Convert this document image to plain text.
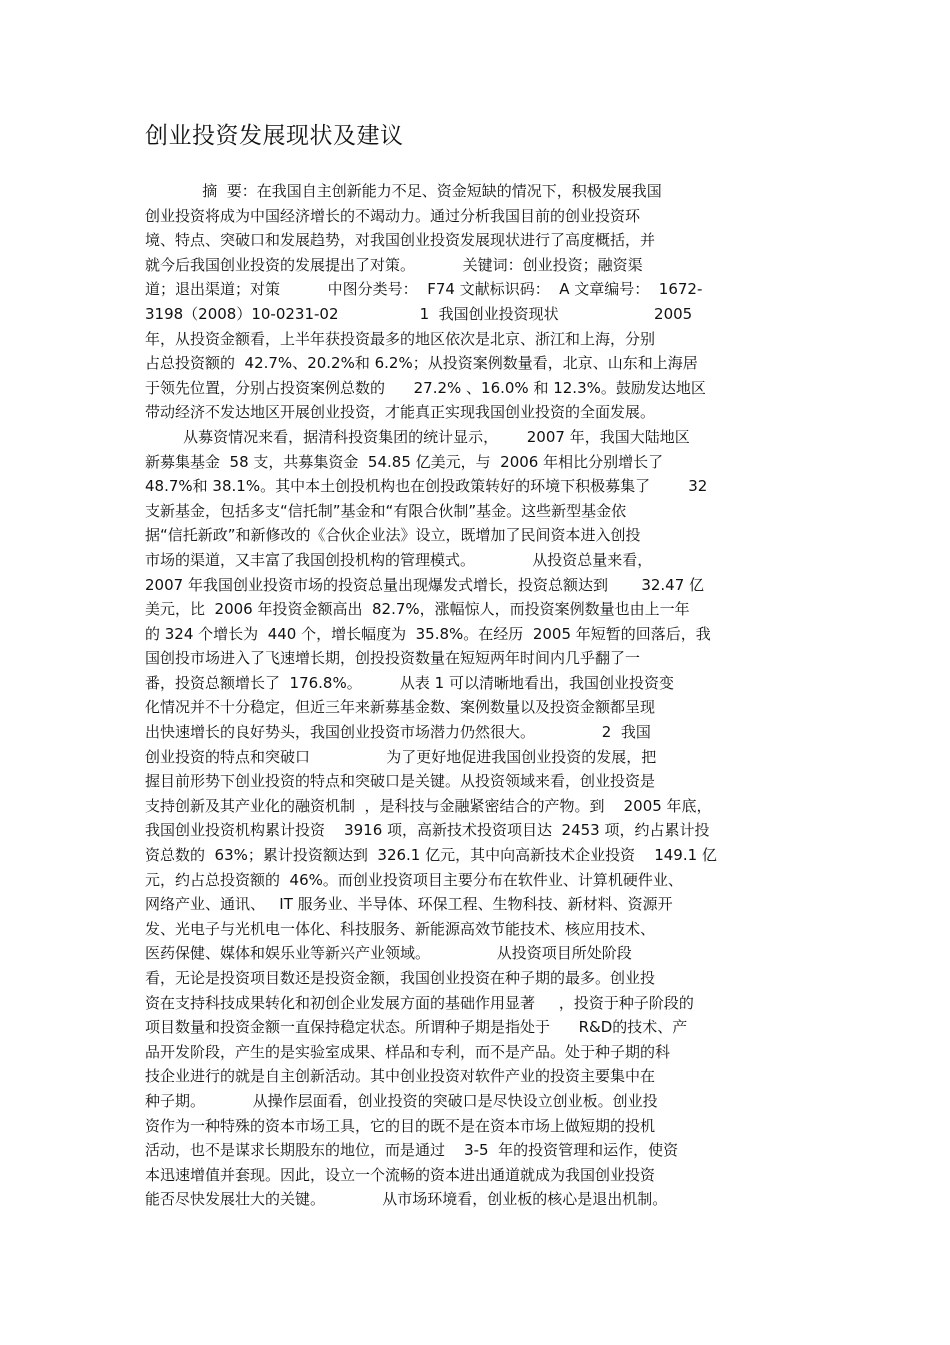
创业投资发展现状及建议
摘  要：在我国自主创新能力不足、资金短缺的情况下，积极发展我国
创业投资将成为中国经济增长的不竭动力。通过分析我国目前的创业投资环
境、特点、突破口和发展趋势，对我国创业投资发展现状进行了高度概括，并
就今后我国创业投资的发展提出了对策。          关键词：创业投资；融资渠
道；退出渠道；对策          中图分类号：  F74 文献标识码：  A 文章编号：  1672-
3198（2008）10-0231-02                 1  我国创业投资现状                    2005
年，从投资金额看，上半年获投资最多的地区依次是北京、浙江和上海，分别
占总投资额的  42.7%、20.2%和 6.2%；从投资案例数量看，北京、山东和上海居
于领先位置，分别占投资案例总数的      27.2% 、16.0% 和 12.3%。鼓励发达地区
带动经济不发达地区开展创业投资，才能真正实现我国创业投资的全面发展。
从募资情况来看，据清科投资集团的统计显示，      2007 年，我国大陆地区
新募集基金  58 支，共募集资金  54.85 亿美元，与  2006 年相比分别增长了
48.7%和 38.1%。其中本土创投机构也在创投政策转好的环境下积极募集了        32
支新基金，包括多支“信托制”基金和“有限合伙制”基金。这些新型基金依
据“信托新政”和新修改的《合伙企业法》设立，既增加了民间资本进入创投
市场的渠道，又丰富了我国创投机构的管理模式。            从投资总量来看，
2007 年我国创业投资市场的投资总量出现爆发式增长，投资总额达到       32.47 亿
美元，比  2006 年投资金额高出  82.7%，涨幅惊人，而投资案例数量也由上一年
的 324 个增长为  440 个，增长幅度为  35.8%。在经历  2005 年短暂的回落后，我
国创投市场进入了飞速增长期，创投投资数量在短短两年时间内几乎翻了一
番，投资总额增长了  176.8%。        从表 1 可以清晰地看出，我国创业投资变
化情况并不十分稳定，但近三年来新募基金数、案例数量以及投资金额都呈现
出快速增长的良好势头，我国创业投资市场潜力仍然很大。              2  我国
创业投资的特点和突破口                为了更好地促进我国创业投资的发展，把
握目前形势下创业投资的特点和突破口是关键。从投资领域来看，创业投资是
支持创新及其产业化的融资机制  ，是科技与金融紧密结合的产物。到    2005 年底，
我国创业投资机构累计投资    3916 项，高新技术投资项目达  2453 项，约占累计投
资总数的  63%；累计投资额达到  326.1 亿元，其中向高新技术企业投资    149.1 亿
元，约占总投资额的  46%。而创业投资项目主要分布在软件业、计算机硬件业、
网络产业、通讯、   IT 服务业、半导体、环保工程、生物科技、新材料、资源开
发、光电子与光机电一体化、科技服务、新能源高效节能技术、核应用技术、
医药保健、媒体和娱乐业等新兴产业领域。              从投资项目所处阶段
看，无论是投资项目数还是投资金额，我国创业投资在种子期的最多。创业投
资在支持科技成果转化和初创企业发展方面的基础作用显著     ，投资于种子阶段的
项目数量和投资金额一直保持稳定状态。所谓种子期是指处于      R&D的技术、产
品开发阶段，产生的是实验室成果、样品和专利，而不是产品。处于种子期的科
技企业进行的就是自主创新活动。其中创业投资对软件产业的投资主要集中在
种子期。          从操作层面看，创业投资的突破口是尽快设立创业板。创业投
资作为一种特殊的资本市场工具，它的目的既不是在资本市场上做短期的投机
活动，也不是谋求长期股东的地位，而是通过    3-5  年的投资管理和运作，使资
本迅速增值并套现。因此，设立一个流畅的资本进出通道就成为我国创业投资
能否尽快发展壮大的关键。            从市场环境看，创业板的核心是退出机制。
